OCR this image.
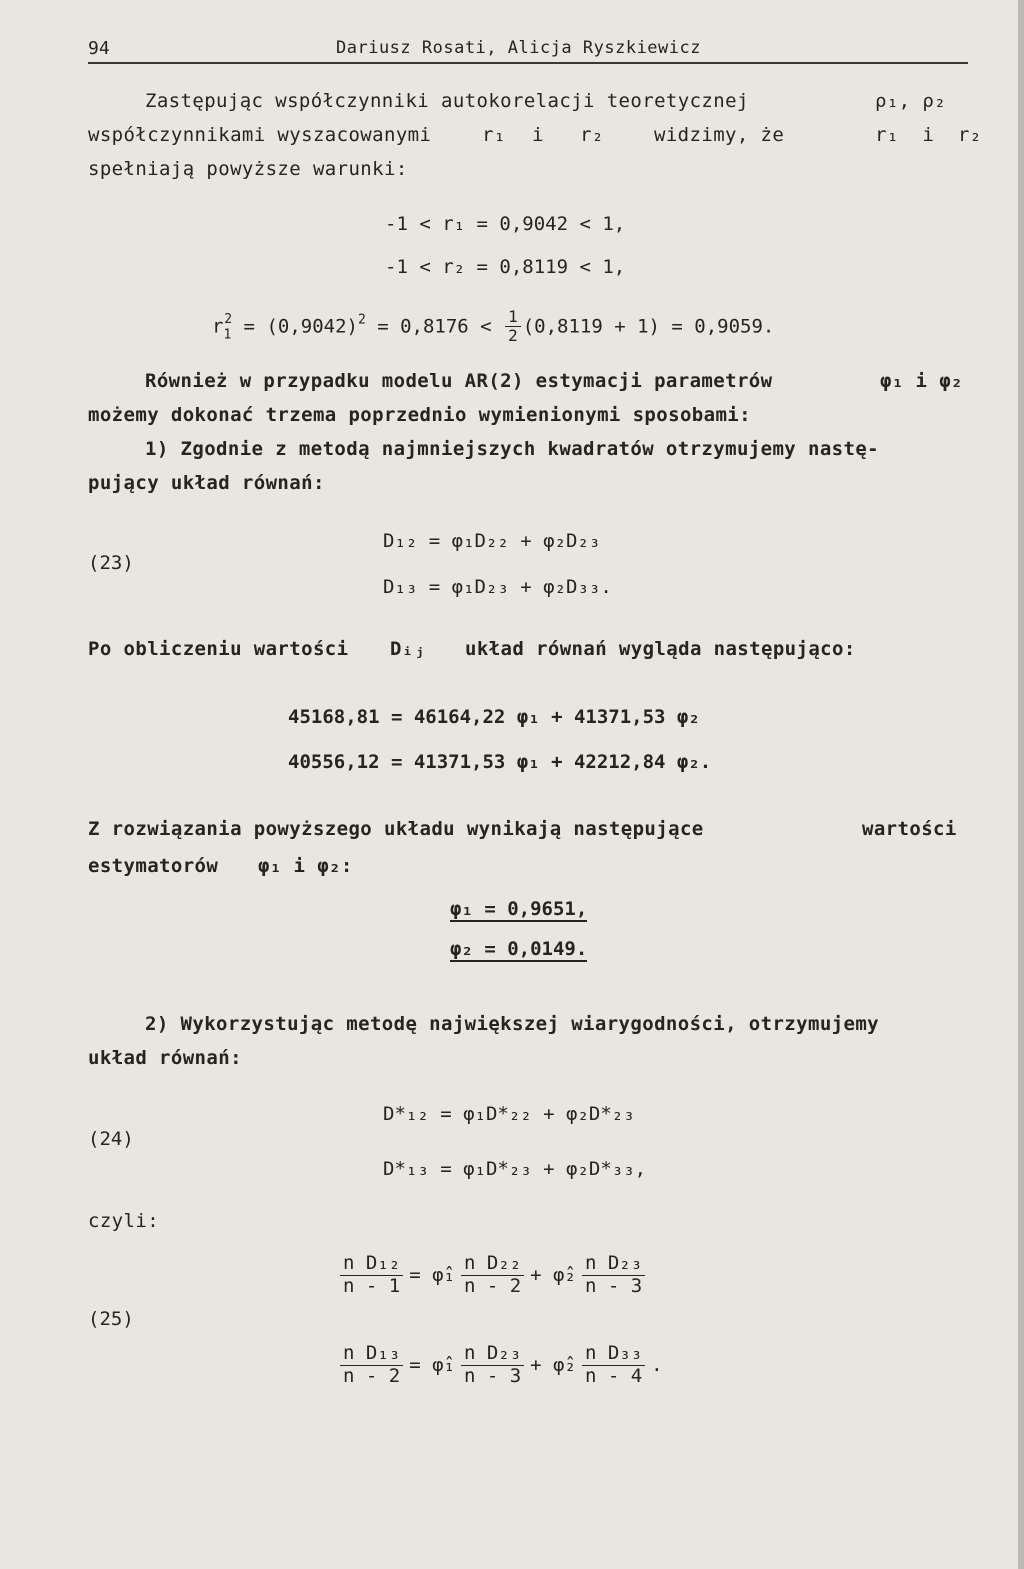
94	Dariusz Rosati, Alicja Ryszkiewicz
Zastępując współczynniki autokorelacji teoretycznej	ρ₁, ρ₂
współczynnikami wyszacowanymi	r₁ i r₂	widzimy, że	r₁  i  r₂
spełniają powyższe warunki:
-1 < r₁ = 0,9042 < 1,
-1 < r₂ = 0,8119 < 1,
$r_1^2 = (0,9042)^2 = 0,8176 < \frac{1}{2} (0,8119 + 1) = 0,9059$.
Również w przypadku modelu AR(2) estymacji parametrów	φ₁ i φ₂
możemy dokonać trzema poprzednio wymienionymi sposobami:
1) Zgodnie z metodą najmniejszych kwadratów otrzymujemy nastę-
pujący układ równań:
(23)
D₁₂ = φ₁D₂₂ + φ₂D₂₃
D₁₃ = φ₁D₂₃ + φ₂D₃₃.
Po obliczeniu wartości Dᵢⱼ układ równań wygląda następująco:
45168,81 = 46164,22 φ₁ + 41371,53 φ₂
40556,12 = 41371,53 φ₁ + 42212,84 φ₂.
Z rozwiązania powyższego układu wynikają następujące	wartości
estymatorów φ₁ i φ₂:
φ₁ = 0,9651,
φ₂ = 0,0149.
2) Wykorzystując metodę największej wiarygodności, otrzymujemy
układ równań:
(24)
D*₁₂ = φ₁D*₂₂ + φ₂D*₂₃
D*₁₃ = φ₁D*₂₃ + φ₂D*₃₃,
czyli:
(25)
$\frac{\text{n D₁₂}}{n - 1}$ = φ̂₁ $\frac{\text{n D₂₂}}{n - 2}$ + φ̂₂ $\frac{\text{n D₂₃}}{n - 3}$
$\frac{\text{n D₁₃}}{n - 2}$ = φ̂₁ $\frac{\text{n D₂₃}}{n - 3}$ + φ̂₂ $\frac{\text{n D₃₃}}{n - 4}$ .
